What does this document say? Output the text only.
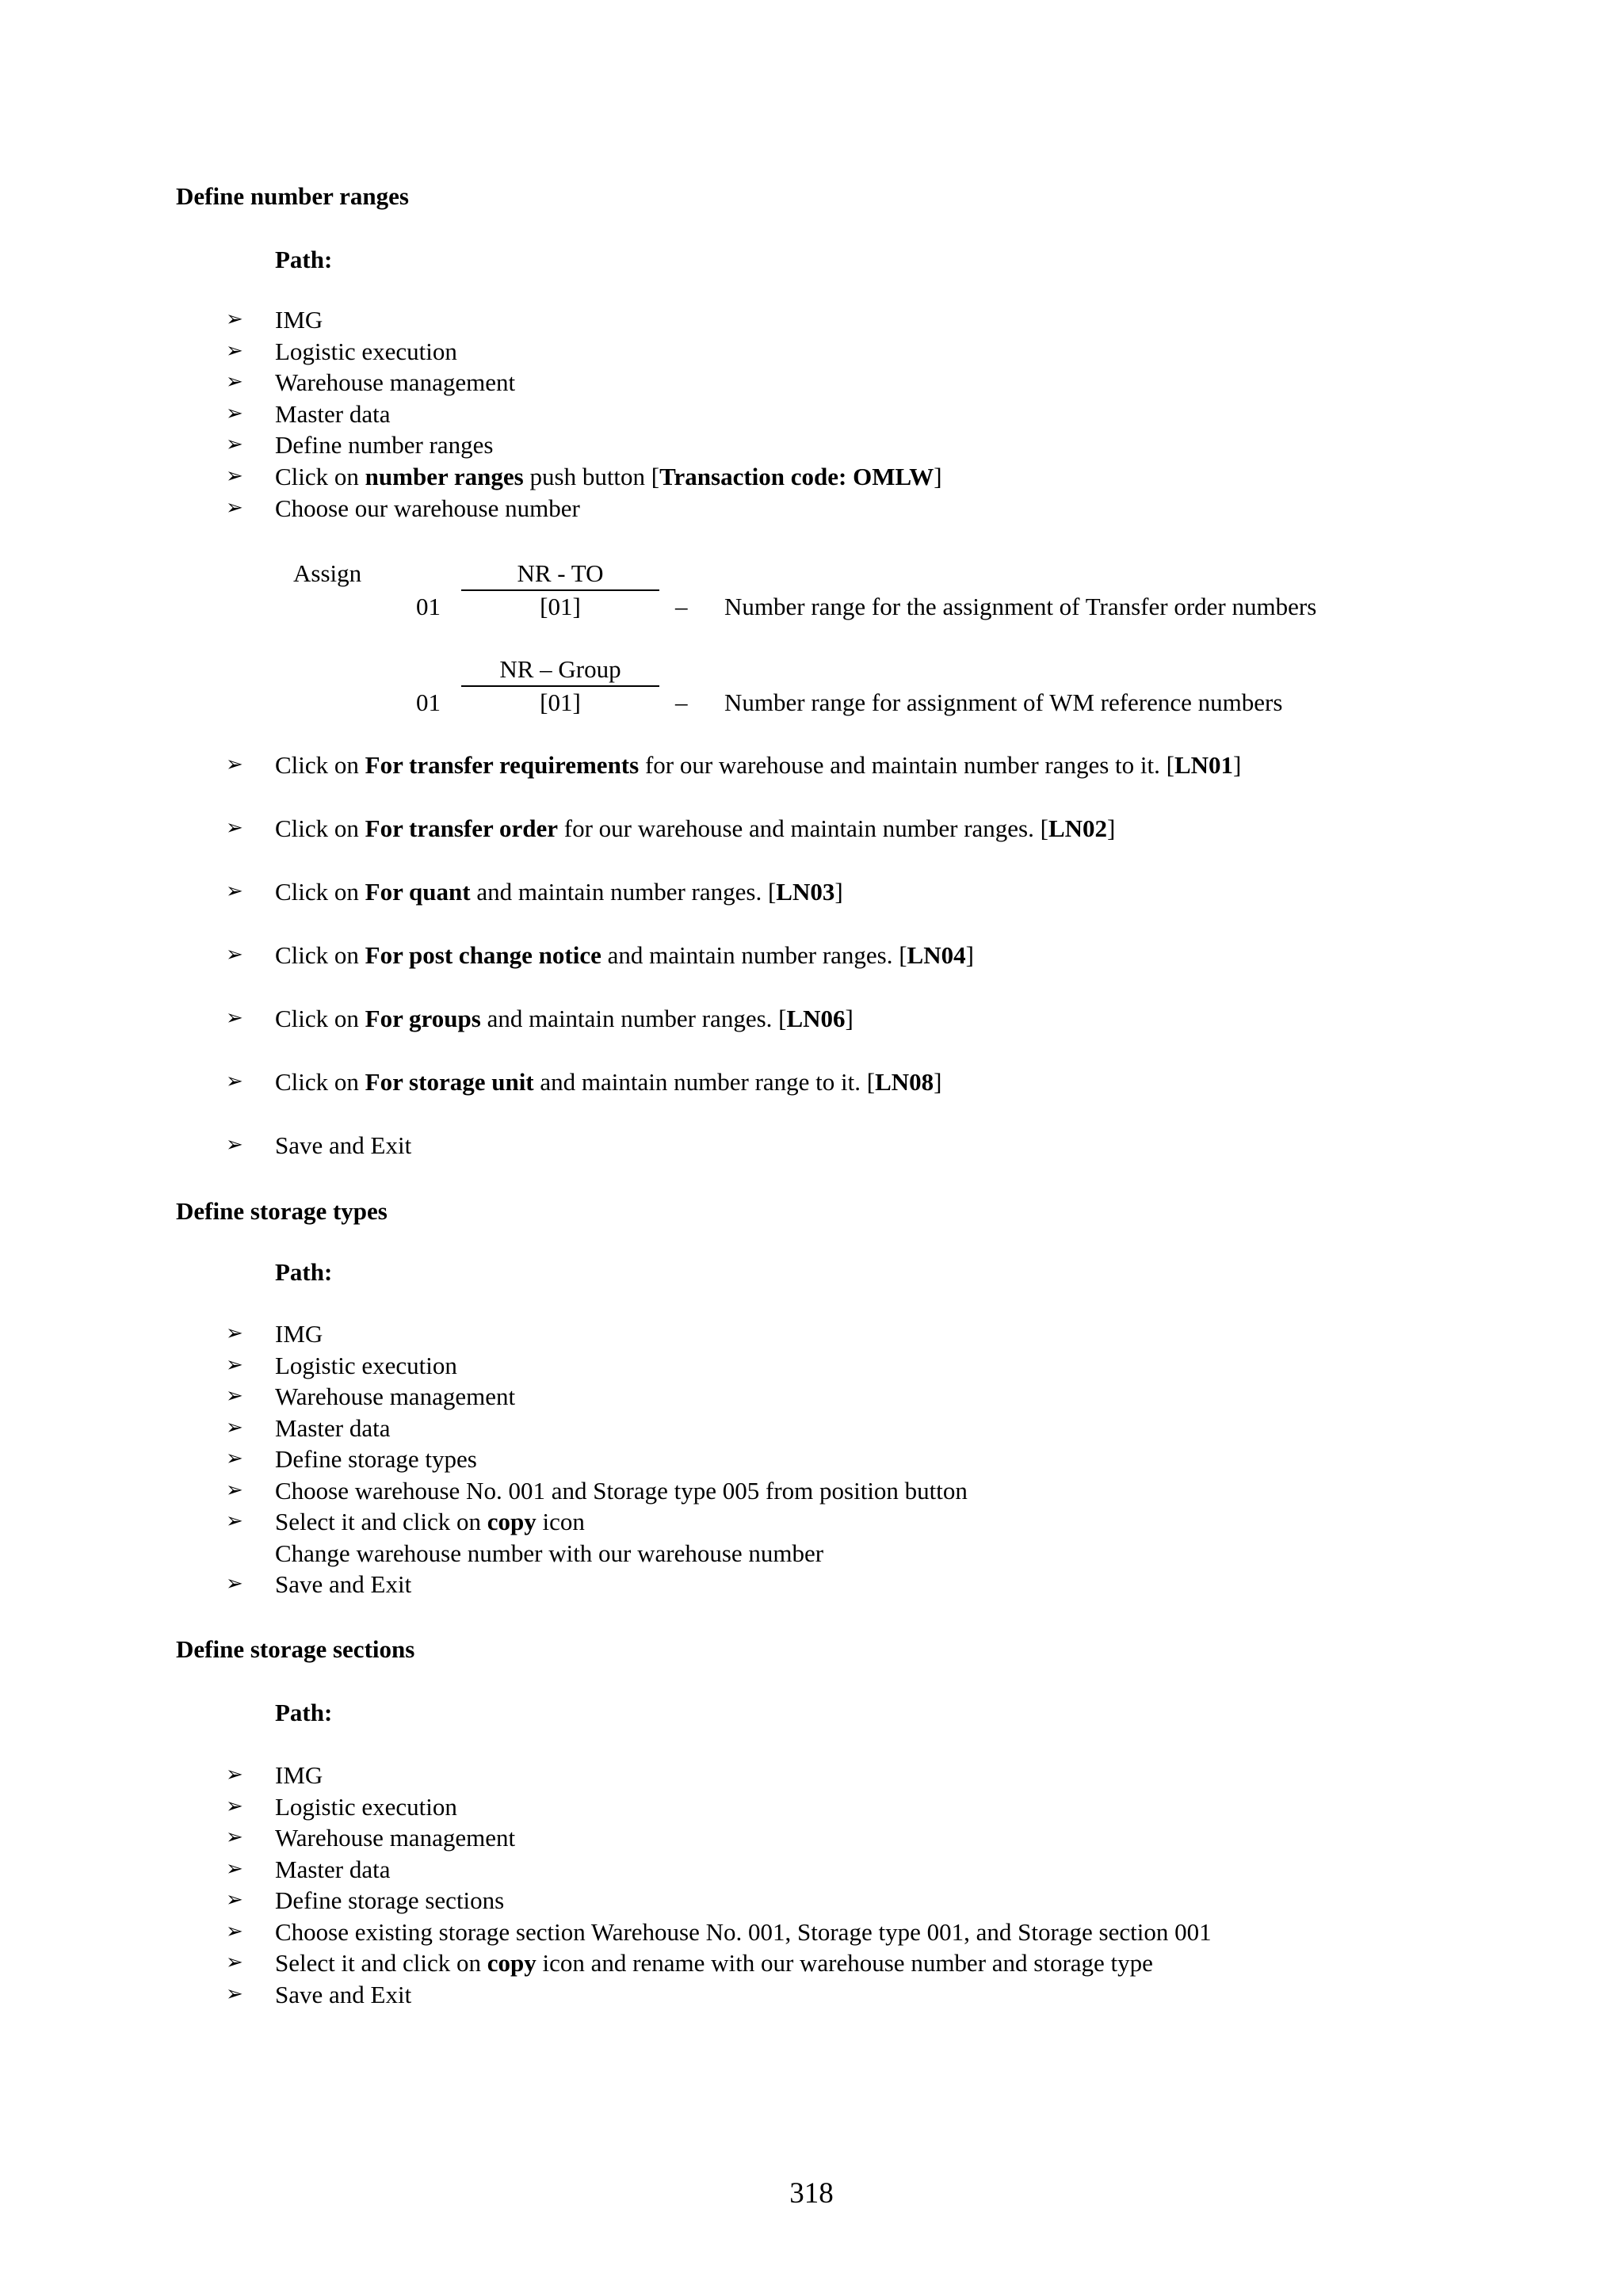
Define number ranges
Path:
➢ IMG
➢ Logistic execution
➢ Warehouse management
➢ Master data
➢ Define number ranges
➢ Click on number ranges push button [Transaction code: OMLW]
➢ Choose our warehouse number
Assign	NR - TO
01	[01]	– Number range for the assignment of Transfer order numbers
NR – Group
01	[01]	– Number range for assignment of WM reference numbers
➢ Click on For transfer requirements for our warehouse and maintain number ranges to it. [LN01]
➢ Click on For transfer order for our warehouse and maintain number ranges. [LN02]
➢ Click on For quant and maintain number ranges. [LN03]
➢ Click on For post change notice and maintain number ranges. [LN04]
➢ Click on For groups and maintain number ranges. [LN06]
➢ Click on For storage unit and maintain number range to it. [LN08]
➢ Save and Exit
Define storage types
Path:
➢ IMG
➢ Logistic execution
➢ Warehouse management
➢ Master data
➢ Define storage types
➢ Choose warehouse No. 001 and Storage type 005 from position button
➢ Select it and click on copy icon
Change warehouse number with our warehouse number
➢ Save and Exit
Define storage sections
Path:
➢ IMG
➢ Logistic execution
➢ Warehouse management
➢ Master data
➢ Define storage sections
➢ Choose existing storage section Warehouse No. 001, Storage type 001, and Storage section 001
➢ Select it and click on copy icon and rename with our warehouse number and storage type
➢ Save and Exit
318
